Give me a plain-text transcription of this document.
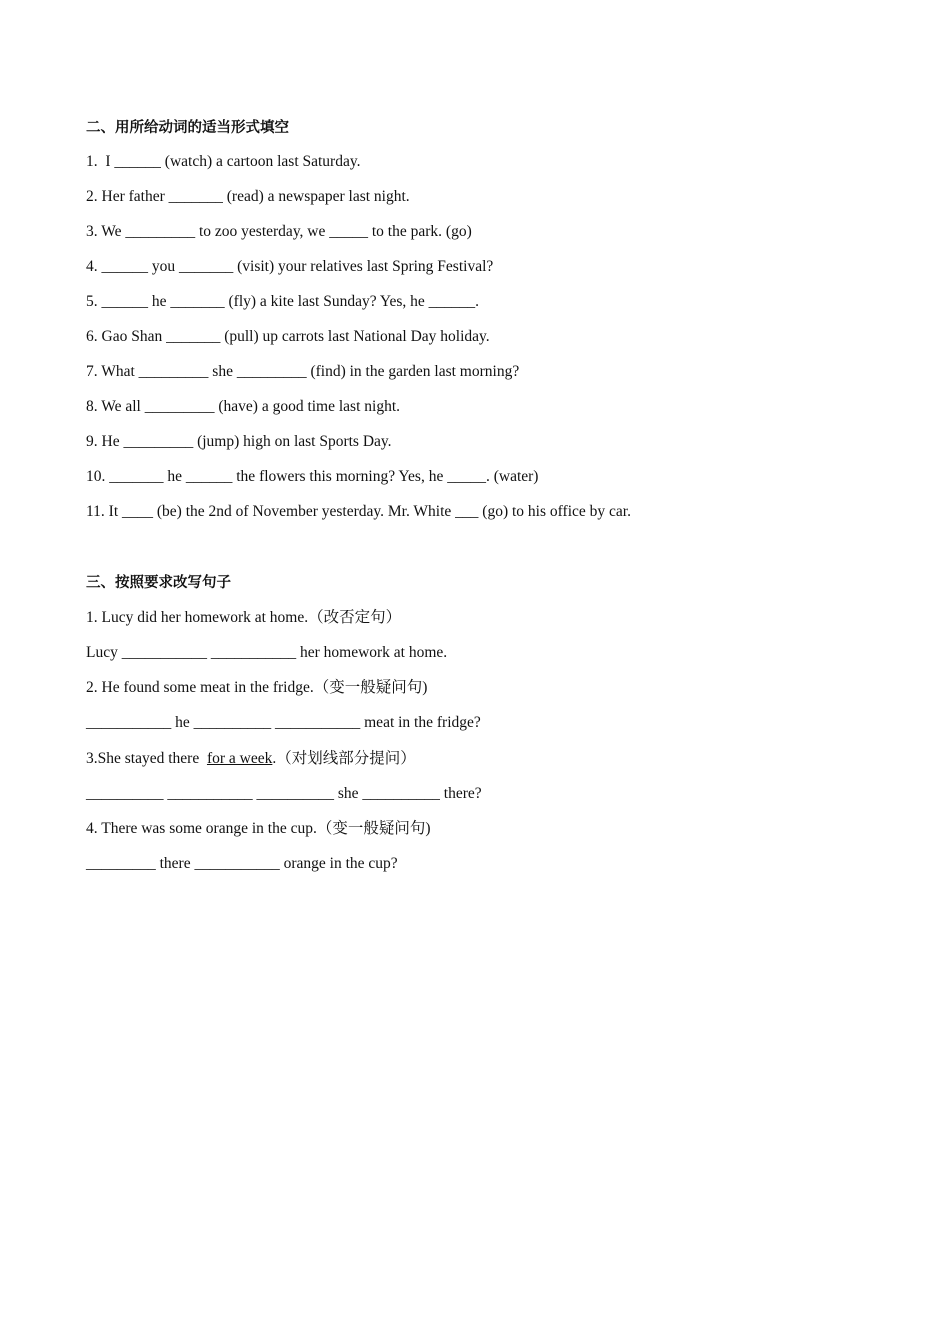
二、用所给动词的适当形式填空
1.  I ______ (watch) a cartoon last Saturday.
2. Her father _______ (read) a newspaper last night.
3. We _________ to zoo yesterday, we _____ to the park. (go)
4. ______ you _______ (visit) your relatives last Spring Festival?
5. ______ he _______ (fly) a kite last Sunday? Yes, he ______.
6. Gao Shan _______ (pull) up carrots last National Day holiday.
7. What _________ she _________ (find) in the garden last morning?
8. We all _________ (have) a good time last night.
9. He _________ (jump) high on last Sports Day.
10. _______ he ______ the flowers this morning? Yes, he _____. (water)
11. It ____ (be) the 2nd of November yesterday. Mr. White ___ (go) to his office by car.
三、按照要求改写句子
1. Lucy did her homework at home.（改否定句）
Lucy ___________ ___________ her homework at home.
2. He found some meat in the fridge.（变一般疑问句)
___________ he __________ ___________ meat in the fridge?
3.She stayed there  for a week.（对划线部分提问）
__________ ___________ __________ she __________ there?
4. There was some orange in the cup.（变一般疑问句)
_________ there ___________ orange in the cup?
